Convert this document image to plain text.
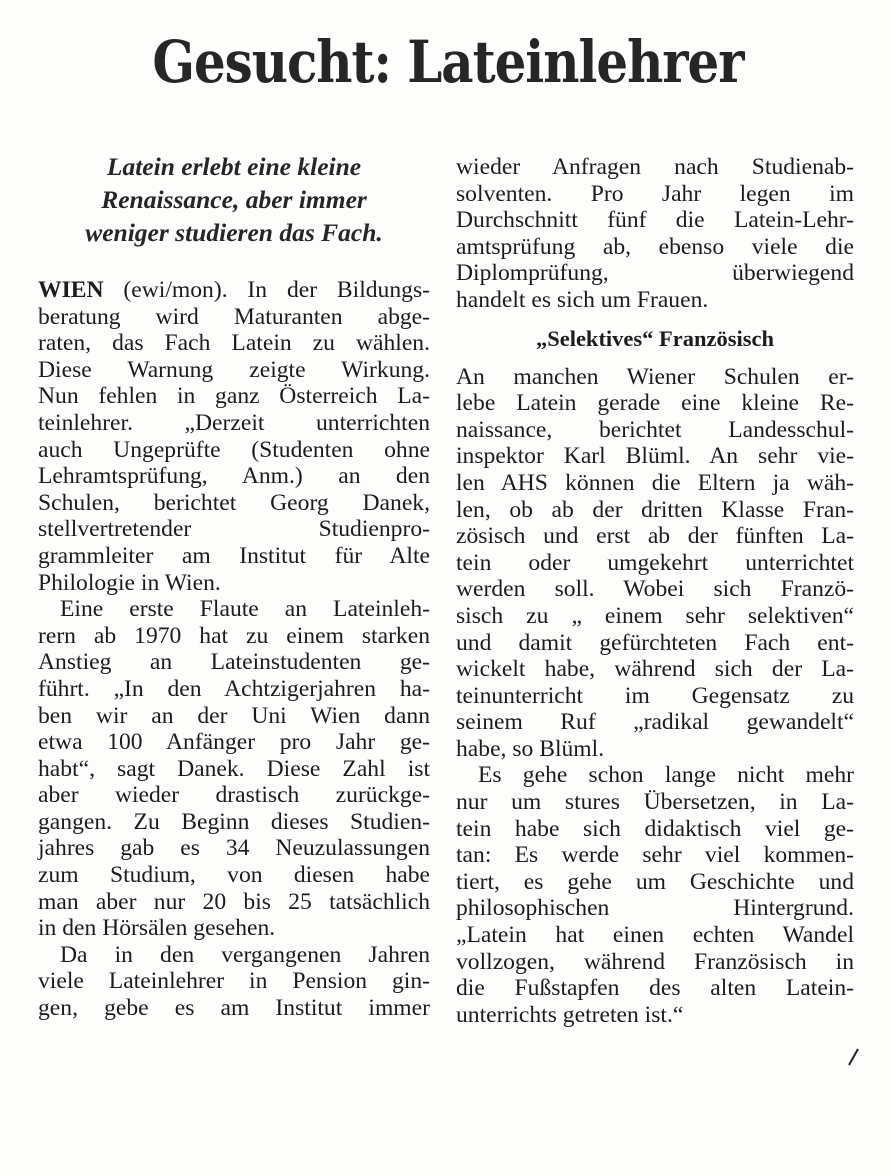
Gesucht: Lateinlehrer
Latein erlebt eine kleine
Renaissance, aber immer
weniger studieren das Fach.
WIEN (ewi/mon). In der Bildungs-
beratung wird Maturanten abge-
raten, das Fach Latein zu wählen.
Diese Warnung zeigte Wirkung.
Nun fehlen in ganz Österreich La-
teinlehrer. „Derzeit unterrichten
auch Ungeprüfte (Studenten ohne
Lehramtsprüfung, Anm.) an den
Schulen, berichtet Georg Danek,
stellvertretender Studienpro-
grammleiter am Institut für Alte
Philologie in Wien.
Eine erste Flaute an Lateinleh-
rern ab 1970 hat zu einem starken
Anstieg an Lateinstudenten ge-
führt. „In den Achtzigerjahren ha-
ben wir an der Uni Wien dann
etwa 100 Anfänger pro Jahr ge-
habt“, sagt Danek. Diese Zahl ist
aber wieder drastisch zurückge-
gangen. Zu Beginn dieses Studien-
jahres gab es 34 Neuzulassungen
zum Studium, von diesen habe
man aber nur 20 bis 25 tatsächlich
in den Hörsälen gesehen.
Da in den vergangenen Jahren
viele Lateinlehrer in Pension gin-
gen, gebe es am Institut immer
wieder Anfragen nach Studienab-
solventen. Pro Jahr legen im
Durchschnitt fünf die Latein-Lehr-
amtsprüfung ab, ebenso viele die
Diplomprüfung, überwiegend
handelt es sich um Frauen.
„Selektives“ Französisch
An manchen Wiener Schulen er-
lebe Latein gerade eine kleine Re-
naissance, berichtet Landesschul-
inspektor Karl Blüml. An sehr vie-
len AHS können die Eltern ja wäh-
len, ob ab der dritten Klasse Fran-
zösisch und erst ab der fünften La-
tein oder umgekehrt unterrichtet
werden soll. Wobei sich Franzö-
sisch zu „ einem sehr selektiven“
und damit gefürchteten Fach ent-
wickelt habe, während sich der La-
teinunterricht im Gegensatz zu
seinem Ruf „radikal gewandelt“
habe, so Blüml.
Es gehe schon lange nicht mehr
nur um stures Übersetzen, in La-
tein habe sich didaktisch viel ge-
tan: Es werde sehr viel kommen-
tiert, es gehe um Geschichte und
philosophischen Hintergrund.
„Latein hat einen echten Wandel
vollzogen, während Französisch in
die Fußstapfen des alten Latein-
unterrichts getreten ist.“
